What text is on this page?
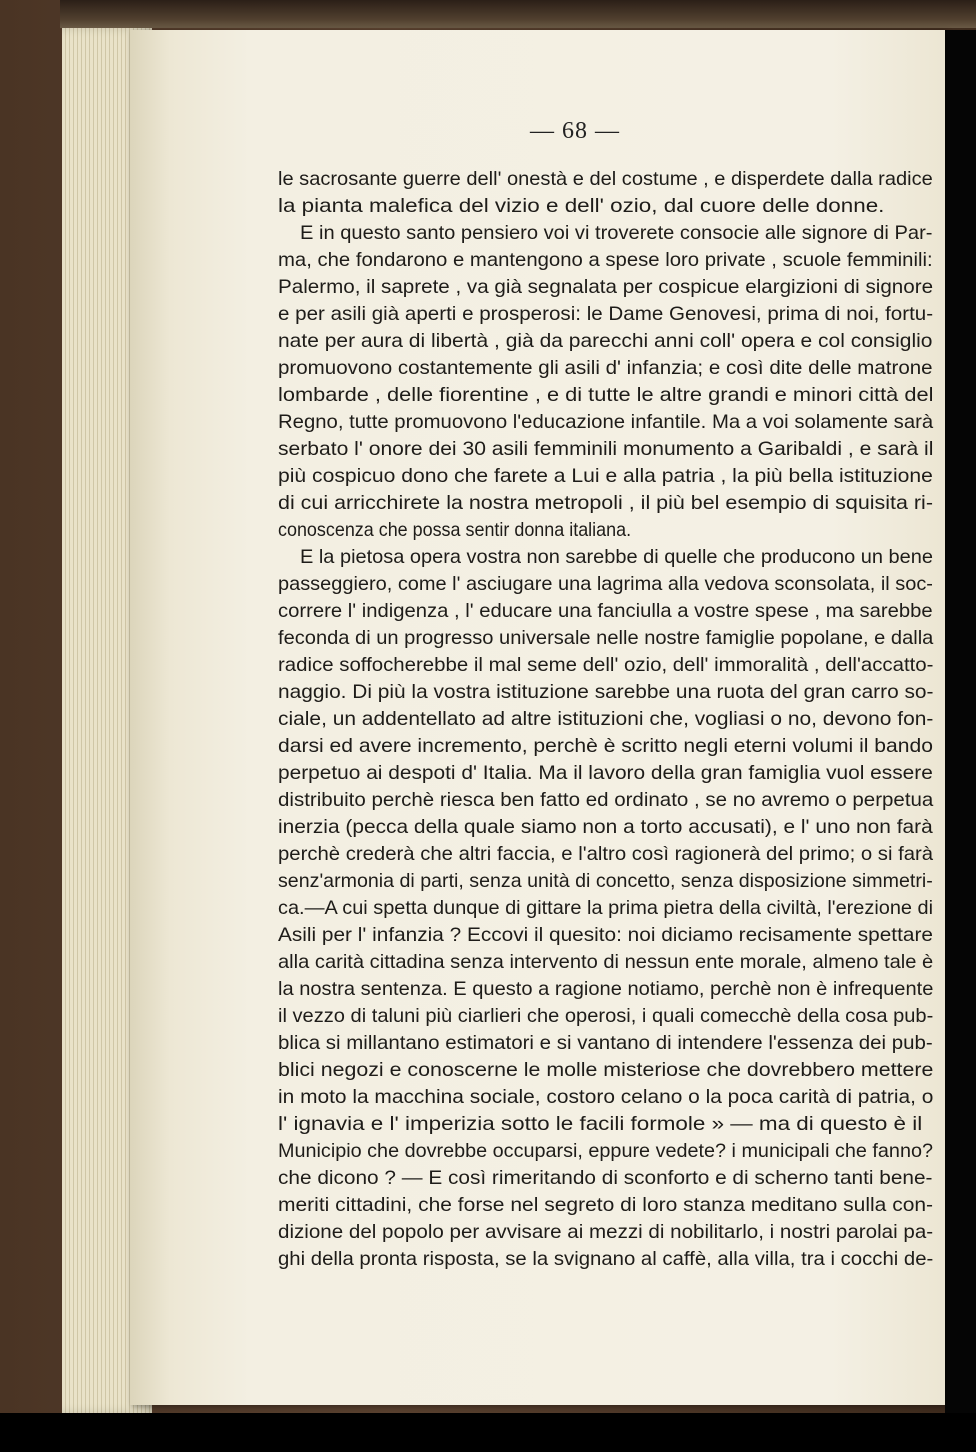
— 68 —
le sacrosante guerre dell' onestà e del costume , e disperdete dalla radice
la pianta malefica del vizio e dell' ozio, dal cuore delle donne.
E in questo santo pensiero voi vi troverete consocie alle signore di Par-
ma, che fondarono e mantengono a spese loro private , scuole femminili:
Palermo, il saprete , va già segnalata per cospicue elargizioni di signore
e per asili già aperti e prosperosi: le Dame Genovesi, prima di noi, fortu-
nate per aura di libertà , già da parecchi anni coll' opera e col consiglio
promuovono costantemente gli asili d' infanzia; e così dite delle matrone
lombarde , delle fiorentine , e di tutte le altre grandi e minori città del
Regno, tutte promuovono l'educazione infantile. Ma a voi solamente sarà
serbato l' onore dei 30 asili femminili monumento a Garibaldi , e sarà il
più cospicuo dono che farete a Lui e alla patria , la più bella istituzione
di cui arricchirete la nostra metropoli , il più bel esempio di squisita ri-
conoscenza che possa sentir donna italiana.
E la pietosa opera vostra non sarebbe di quelle che producono un bene
passeggiero, come l' asciugare una lagrima alla vedova sconsolata, il soc-
correre l' indigenza , l' educare una fanciulla a vostre spese , ma sarebbe
feconda di un progresso universale nelle nostre famiglie popolane, e dalla
radice soffocherebbe il mal seme dell' ozio, dell' immoralità , dell'accatto-
naggio. Di più la vostra istituzione sarebbe una ruota del gran carro so-
ciale, un addentellato ad altre istituzioni che, vogliasi o no, devono fon-
darsi ed avere incremento, perchè è scritto negli eterni volumi il bando
perpetuo ai despoti d' Italia. Ma il lavoro della gran famiglia vuol essere
distribuito perchè riesca ben fatto ed ordinato , se no avremo o perpetua
inerzia (pecca della quale siamo non a torto accusati), e l' uno non farà
perchè crederà che altri faccia, e l'altro così ragionerà del primo; o si farà
senz'armonia di parti, senza unità di concetto, senza disposizione simmetri-
ca.—A cui spetta dunque di gittare la prima pietra della civiltà, l'erezione di
Asili per l' infanzia ? Eccovi il quesito: noi diciamo recisamente spettare
alla carità cittadina senza intervento di nessun ente morale, almeno tale è
la nostra sentenza. E questo a ragione notiamo, perchè non è infrequente
il vezzo di taluni più ciarlieri che operosi, i quali comecchè della cosa pub-
blica si millantano estimatori e si vantano di intendere l'essenza dei pub-
blici negozi e conoscerne le molle misteriose che dovrebbero mettere
in moto la macchina sociale, costoro celano o la poca carità di patria, o
l' ignavia e l' imperizia sotto le facili formole » — ma di questo è il
Municipio che dovrebbe occuparsi, eppure vedete? i municipali che fanno?
che dicono ? — E così rimeritando di sconforto e di scherno tanti bene-
meriti cittadini, che forse nel segreto di loro stanza meditano sulla con-
dizione del popolo per avvisare ai mezzi di nobilitarlo, i nostri parolai pa-
ghi della pronta risposta, se la svignano al caffè, alla villa, tra i cocchi de-
